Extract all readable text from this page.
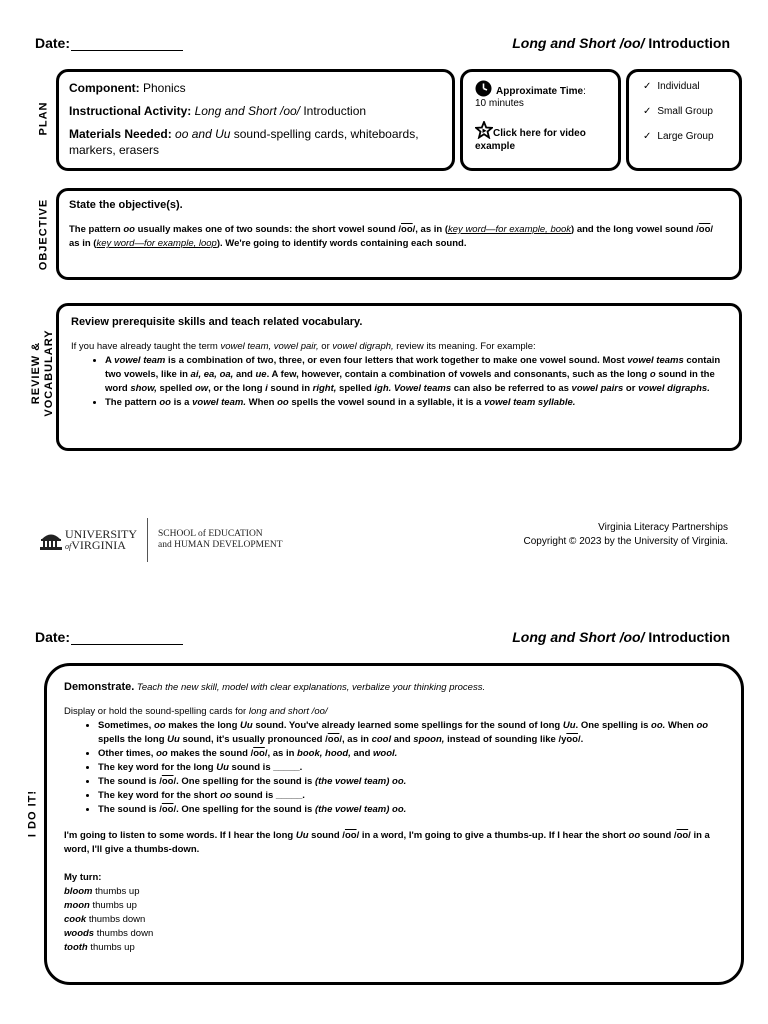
Date:	Long and Short /oo/ Introduction
PLAN

Component: Phonics

Instructional Activity: Long and Short /oo/ Introduction

Materials Needed: oo and Uu sound-spelling cards, whiteboards, markers, erasers

Approximate Time:
10 minutes
Click here for video example
✓ Individual
✓ Small Group
✓ Large Group
OBJECTIVE State the objective(s).

The pattern oo usually makes one of two sounds: the short vowel sound $/\overline{oo}/$, as in (key word—for example, book) and the long vowel sound $/\overline{oo}/$ as in (key word—for example, loop). We're going to identify words containing each sound.

REVIEW &
VOCABULARY

Review prerequisite skills and teach related vocabulary.

If you have already taught the term vowel team, vowel pair, or vowel digraph, review its meaning. For example:

• A vowel team is a combination of two, three, or even four letters that work together to make one vowel sound. Most vowel teams contain two vowels, like in ai, ea, oa, and ue. A few, however, contain a combination of vowels and consonants, such as the long o sound in the word show, spelled ow, or the long i sound in right, spelled igh. Vowel teams can also be referred to as vowel pairs or vowel digraphs.
• The pattern oo is a vowel team. When oo spells the vowel sound in a syllable, it is a vowel team syllable.
UNIVERSITY
ofVIRGINIA
SCHOOL of EDUCATION
and HUMAN DEVELOPMENT
Virginia Literacy Partnerships
Copyright © 2023 by the University of Virginia.
Date:	Long and Short /oo/ Introduction
I DO IT!

Demonstrate. Teach the new skill, model with clear explanations, verbalize your thinking process.

Display or hold the sound-spelling cards for long and short /oo/

• Sometimes, oo makes the long Uu sound. You've already learned some spellings for the sound of long Uu. One spelling is oo. When oo spells the long Uu sound, it's usually pronounced $/\overline{oo}/$, as in cool and spoon, instead of sounding like $/y\overline{oo}/$.
• Other times, oo makes the sound $/\overline{oo}/$, as in book, hood, and wool.
• The key word for the long Uu sound is _____.
• The sound is $/\overline{oo}/$. One spelling for the sound is (the vowel team) oo.
• The key word for the short oo sound is _____.
• The sound is $/\overline{oo}/$. One spelling for the sound is (the vowel team) oo.

I'm going to listen to some words. If I hear the long Uu sound $/\overline{oo}/$ in a word, I'm going to give a thumbs-up. If I hear the short oo sound $/\overline{oo}/$ in a word, I'll give a thumbs-down.

My turn:

bloom thumbs up
moon thumbs up
cook thumbs down
woods thumbs down
tooth thumbs up
